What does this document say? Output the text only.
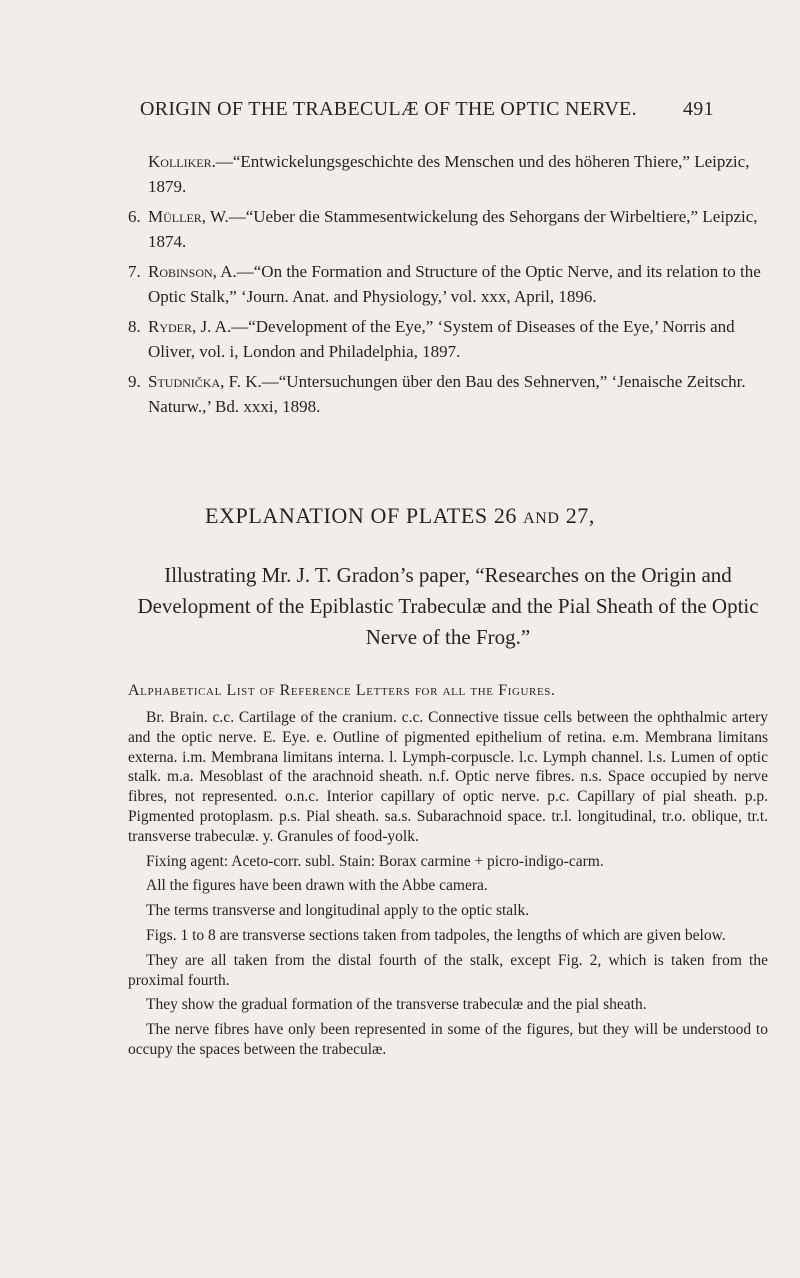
ORIGIN OF THE TRABECULÆ OF THE OPTIC NERVE. 491
Kolliker.—“Entwickelungsgeschichte des Menschen und des höheren Thiere,” Leipzic, 1879.
6. Müller, W.—“Ueber die Stammesentwickelung des Sehorgans der Wirbeltiere,” Leipzic, 1874.
7. Robinson, A.—“On the Formation and Structure of the Optic Nerve, and its relation to the Optic Stalk,” ‘Journ. Anat. and Physiology,’ vol. xxx, April, 1896.
8. Ryder, J. A.—“Development of the Eye,” ‘System of Diseases of the Eye,’ Norris and Oliver, vol. i, London and Philadelphia, 1897.
9. Studnička, F. K.—“Untersuchungen über den Bau des Sehnerven,” ‘Jenaische Zeitschr. Naturw.,’ Bd. xxxi, 1898.
EXPLANATION OF PLATES 26 AND 27,
Illustrating Mr. J. T. Gradon’s paper, “Researches on the Origin and Development of the Epiblastic Trabeculæ and the Pial Sheath of the Optic Nerve of the Frog.”
Alphabetical List of Reference Letters for all the Figures.

Br. Brain. c.c. Cartilage of the cranium. c.c. Connective tissue cells between the ophthalmic artery and the optic nerve. E. Eye. e. Outline of pigmented epithelium of retina. e.m. Membrana limitans externa. i.m. Membrana limitans interna. l. Lymph-corpuscle. l.c. Lymph channel. l.s. Lumen of optic stalk. m.a. Mesoblast of the arachnoid sheath. n.f. Optic nerve fibres. n.s. Space occupied by nerve fibres, not represented. o.n.c. Interior capillary of optic nerve. p.c. Capillary of pial sheath. p.p. Pigmented protoplasm. p.s. Pial sheath. sa.s. Subarachnoid space. tr.l. longitudinal, tr.o. oblique, tr.t. transverse trabeculæ. y. Granules of food-yolk.

Fixing agent: Aceto-corr. subl. Stain: Borax carmine + picro-indigo-carm.

All the figures have been drawn with the Abbe camera.

The terms transverse and longitudinal apply to the optic stalk.

Figs. 1 to 8 are transverse sections taken from tadpoles, the lengths of which are given below.

They are all taken from the distal fourth of the stalk, except Fig. 2, which is taken from the proximal fourth.

They show the gradual formation of the transverse trabeculæ and the pial sheath.

The nerve fibres have only been represented in some of the figures, but they will be understood to occupy the spaces between the trabeculæ.
